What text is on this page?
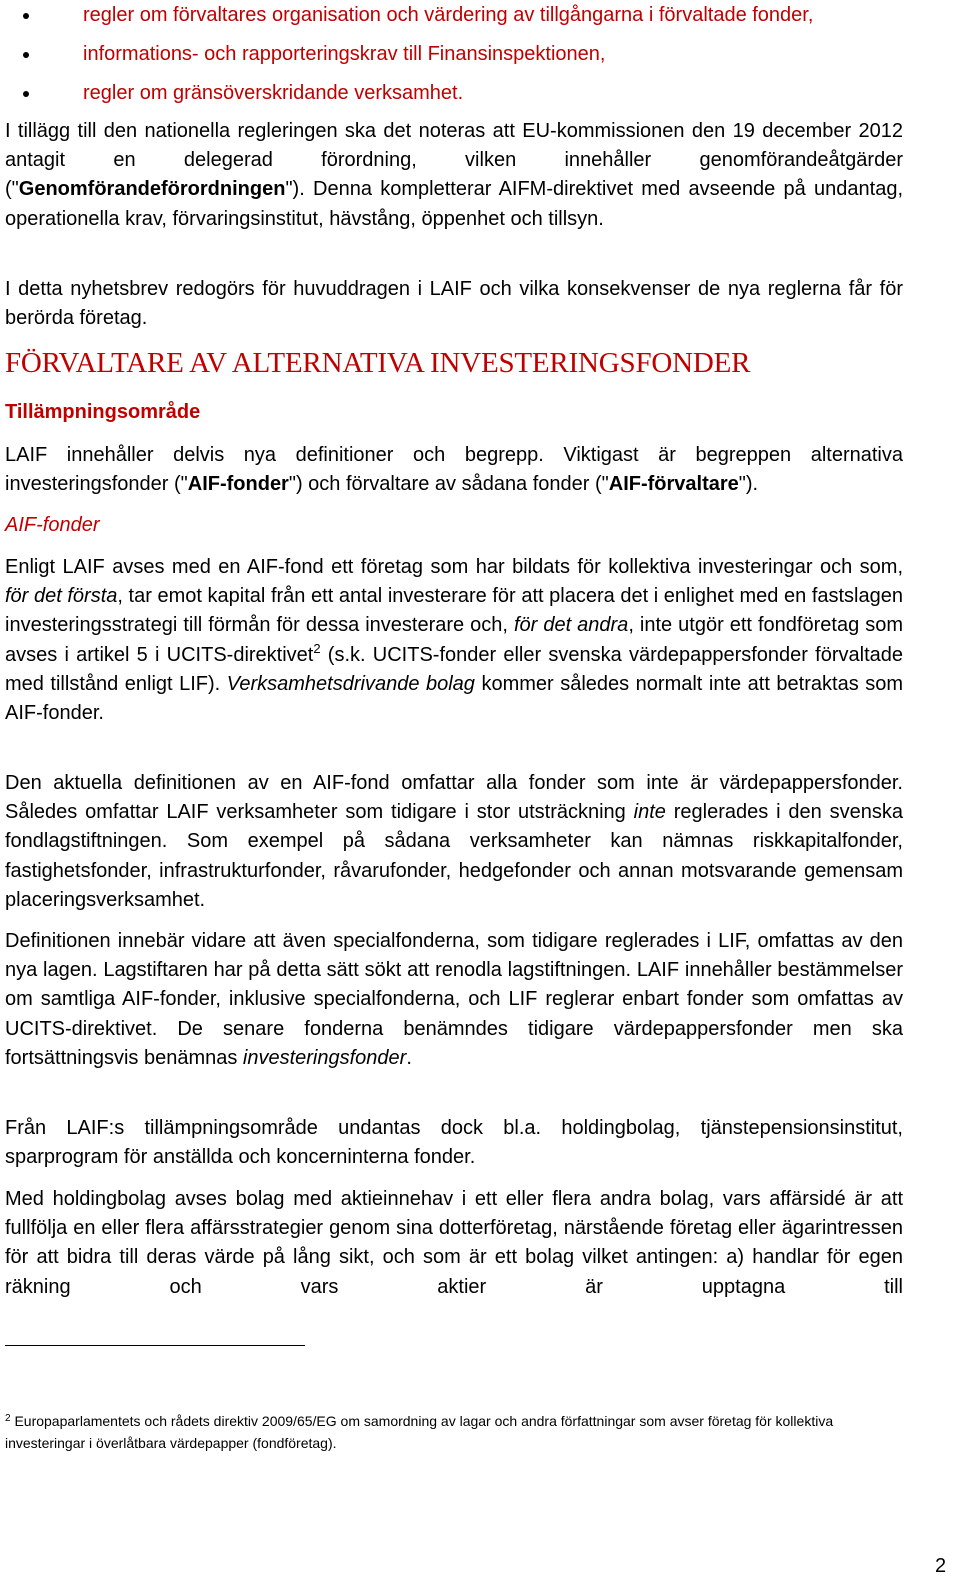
regler om förvaltares organisation och värdering av tillgångarna i förvaltade fonder,
informations- och rapporteringskrav till Finansinspektionen,
regler om gränsöverskridande verksamhet.

I tillägg till den nationella regleringen ska det noteras att EU-kommissionen den 19 december 2012 antagit en delegerad förordning, vilken innehåller genomförandeåtgärder ("Genomförandeförordningen"). Denna kompletterar AIFM-direktivet med avseende på undantag, operationella krav, förvaringsinstitut, hävstång, öppenhet och tillsyn.

I detta nyhetsbrev redogörs för huvuddragen i LAIF och vilka konsekvenser de nya reglerna får för berörda företag.

FÖRVALTARE AV ALTERNATIVA INVESTERINGSFONDER
Tillämpningsområde

LAIF innehåller delvis nya definitioner och begrepp. Viktigast är begreppen alternativa investeringsfonder ("AIF-fonder") och förvaltare av sådana fonder ("AIF-förvaltare").

AIF-fonder

Enligt LAIF avses med en AIF-fond ett företag som har bildats för kollektiva investeringar och som, för det första, tar emot kapital från ett antal investerare för att placera det i enlighet med en fastslagen investeringsstrategi till förmån för dessa investerare och, för det andra, inte utgör ett fondföretag som avses i artikel 5 i UCITS-direktivet$^2$ (s.k. UCITS-fonder eller svenska värdepappersfonder förvaltade med tillstånd enligt LIF). Verksamhetsdrivande bolag kommer således normalt inte att betraktas som AIF-fonder.

Den aktuella definitionen av en AIF-fond omfattar alla fonder som inte är värdepappersfonder. Således omfattar LAIF verksamheter som tidigare i stor utsträckning inte reglerades i den svenska fondlagstiftningen. Som exempel på sådana verksamheter kan nämnas riskkapitalfonder, fastighetsfonder, infrastrukturfonder, råvarufonder, hedgefonder och annan motsvarande gemensam placeringsverksamhet.

Definitionen innebär vidare att även specialfonderna, som tidigare reglerades i LIF, omfattas av den nya lagen. Lagstiftaren har på detta sätt sökt att renodla lagstiftningen. LAIF innehåller bestämmelser om samtliga AIF-fonder, inklusive specialfonderna, och LIF reglerar enbart fonder som omfattas av UCITS-direktivet. De senare fonderna benämndes tidigare värdepappersfonder men ska fortsättningsvis benämnas investeringsfonder.

Från LAIF:s tillämpningsområde undantas dock bl.a. holdingbolag, tjänstepensionsinstitut, sparprogram för anställda och koncerninterna fonder.

Med holdingbolag avses bolag med aktieinnehav i ett eller flera andra bolag, vars affärsidé är att fullfölja en eller flera affärsstrategier genom sina dotterföretag, närstående företag eller ägarintressen för att bidra till deras värde på lång sikt, och som är ett bolag vilket antingen: a) handlar för egen räkning och vars aktier är upptagna till

$^2$ Europaparlamentets och rådets direktiv 2009/65/EG om samordning av lagar och andra författningar som avser företag för kollektiva investeringar i överlåtbara värdepapper (fondföretag).

2
